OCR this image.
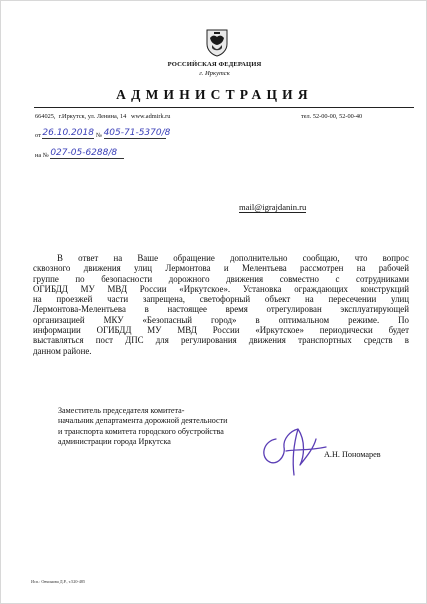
РОССИЙСКАЯ ФЕДЕРАЦИЯ
г. Иркутск
АДМИНИСТРАЦИЯ
664025,  г.Иркутск, ул. Ленина, 14   www.admirk.ru	тел. 52-00-00, 52-00-40
от 26.10.2018 № 405-71-5370/8
на № 027-05-6288/8
mail@igrajdanin.ru
В ответ на Ваше обращение дополнительно сообщаю, что вопрос
сквозного движения улиц Лермонтова и Мелентьева рассмотрен на рабочей
группе по безопасности дорожного движения совместно с сотрудниками
ОГИБДД МУ МВД России «Иркутское». Установка ограждающих конструкций
на проезжей части запрещена, светофорный объект на пересечении улиц
Лермонтова-Мелентьева в настоящее время отрегулирован эксплуатирующей
организацией МКУ «Безопасный город» в оптимальном режиме. По
информации ОГИБДД МУ МВД России «Иркутское» периодически будет
выставляться пост ДПС для регулирования движения транспортных средств в
данном районе.
Заместитель председателя комитета-
начальник департамента дорожной деятельности
и транспорта комитета городского обустройства
администрации города Иркутска
А.Н. Пономарев
Исп.: Овчинова Д.Р., т.520-485
